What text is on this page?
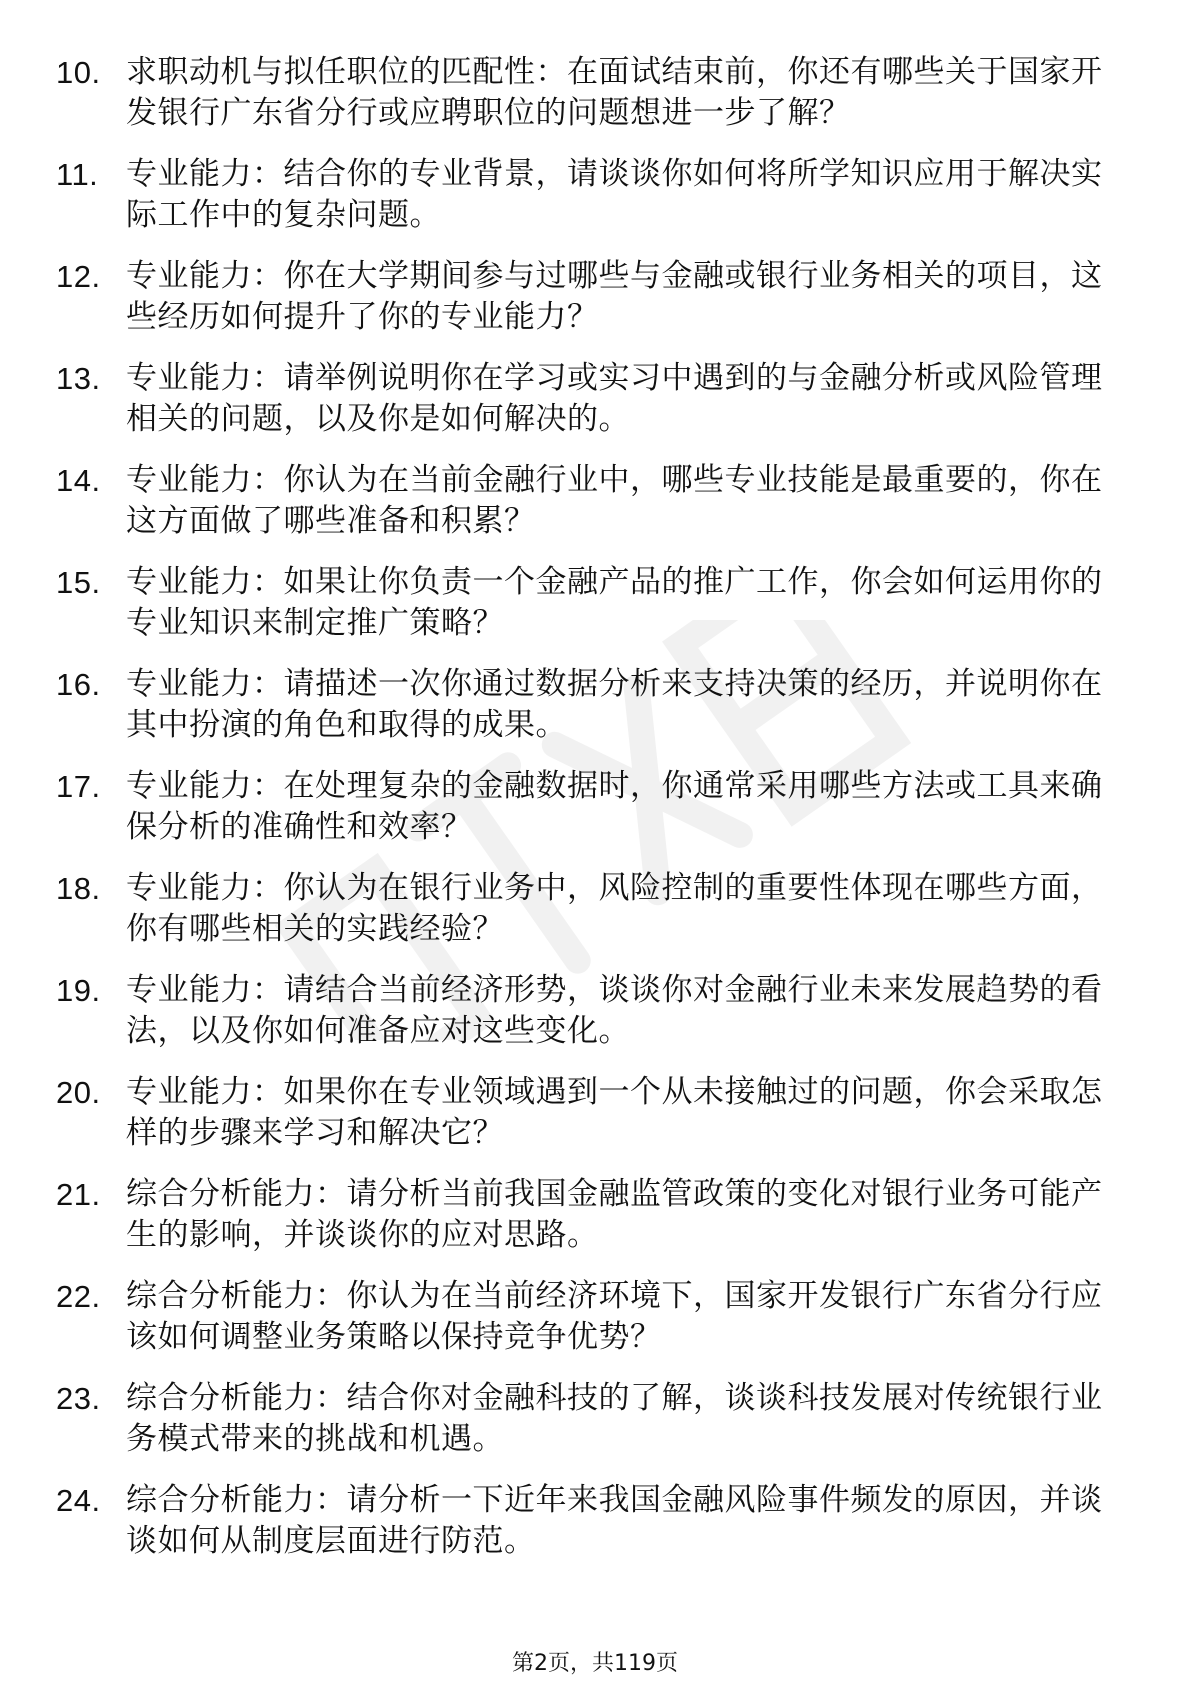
10. 求职动机与拟任职位的匹配性：在面试结束前，你还有哪些关于国家开发银行广东省分行或应聘职位的问题想进一步了解？
11. 专业能力：结合你的专业背景，请谈谈你如何将所学知识应用于解决实际工作中的复杂问题。
12. 专业能力：你在大学期间参与过哪些与金融或银行业务相关的项目，这些经历如何提升了你的专业能力？
13. 专业能力：请举例说明你在学习或实习中遇到的与金融分析或风险管理相关的问题，以及你是如何解决的。
14. 专业能力：你认为在当前金融行业中，哪些专业技能是最重要的，你在这方面做了哪些准备和积累？
15. 专业能力：如果让你负责一个金融产品的推广工作，你会如何运用你的专业知识来制定推广策略？
16. 专业能力：请描述一次你通过数据分析来支持决策的经历，并说明你在其中扮演的角色和取得的成果。
17. 专业能力：在处理复杂的金融数据时，你通常采用哪些方法或工具来确保分析的准确性和效率？
18. 专业能力：你认为在银行业务中，风险控制的重要性体现在哪些方面，你有哪些相关的实践经验？
19. 专业能力：请结合当前经济形势，谈谈你对金融行业未来发展趋势的看法，以及你如何准备应对这些变化。
20. 专业能力：如果你在专业领域遇到一个从未接触过的问题，你会采取怎样的步骤来学习和解决它？
21. 综合分析能力：请分析当前我国金融监管政策的变化对银行业务可能产生的影响，并谈谈你的应对思路。
22. 综合分析能力：你认为在当前经济环境下，国家开发银行广东省分行应该如何调整业务策略以保持竞争优势？
23. 综合分析能力：结合你对金融科技的了解，谈谈科技发展对传统银行业务模式带来的挑战和机遇。
24. 综合分析能力：请分析一下近年来我国金融风险事件频发的原因，并谈谈如何从制度层面进行防范。
第2页，共119页
